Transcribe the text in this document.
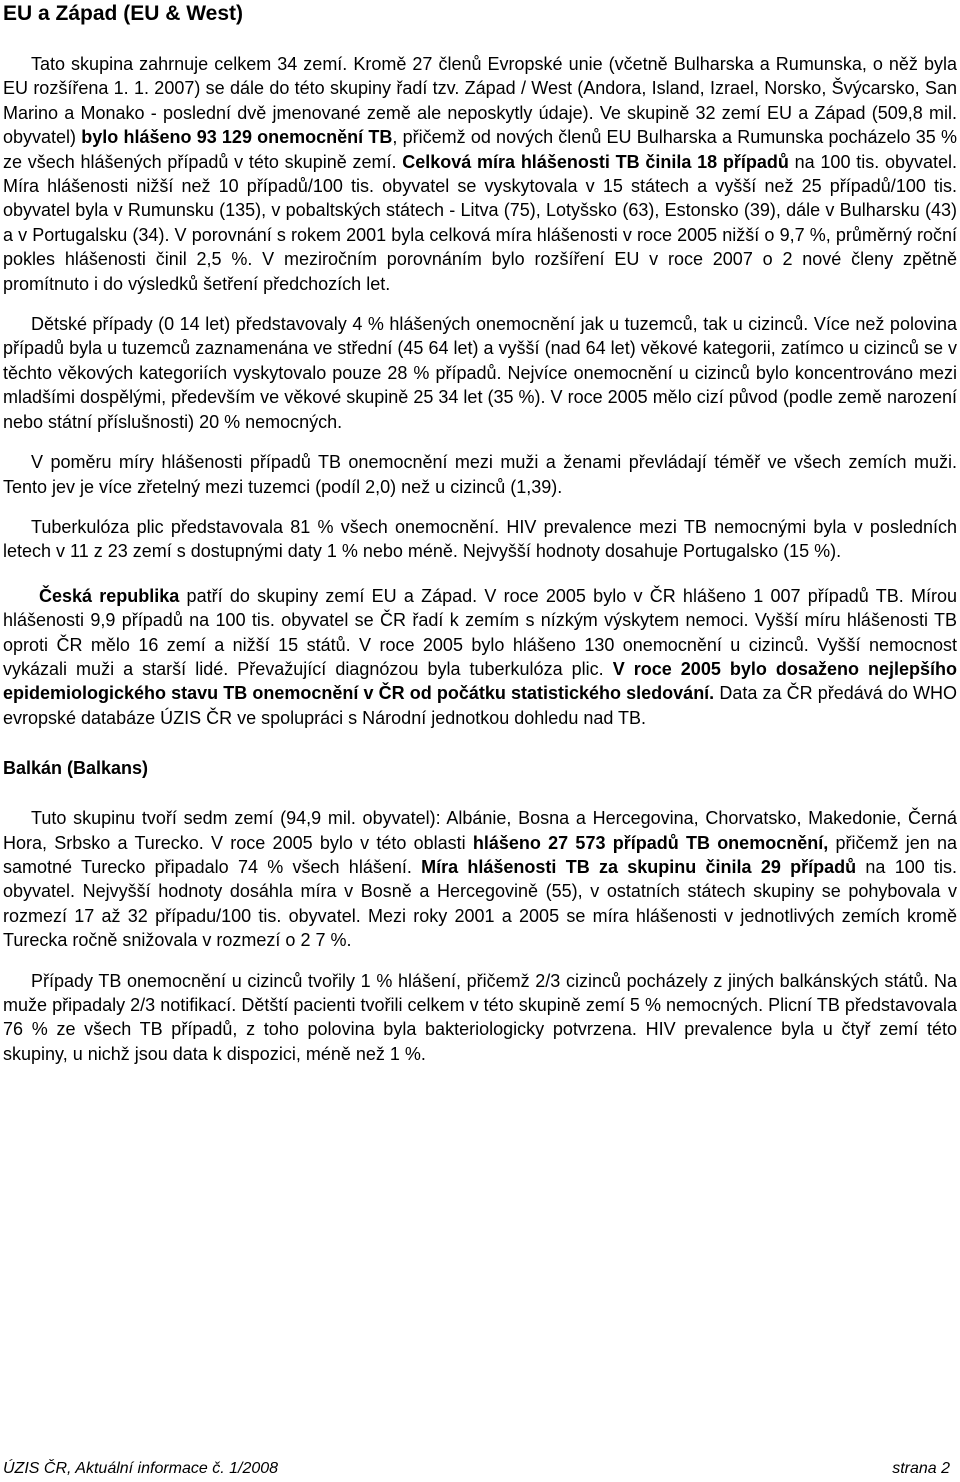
EU a Západ (EU & West)

Tato skupina zahrnuje celkem 34 zemí. Kromě 27 členů Evropské unie (včetně Bulharska a Rumunska, o něž byla EU rozšířena 1. 1. 2007) se dále do této skupiny řadí tzv. Západ / West (Andora, Island, Izrael, Norsko, Švýcarsko, San Marino a Monako - poslední dvě jmenované země ale neposkytly údaje). Ve skupině 32 zemí EU a Západ (509,8 mil. obyvatel) bylo hlášeno 93 129 onemocnění TB, přičemž od nových členů EU Bulharska a Rumunska pocházelo 35 % ze všech hlášených případů v této skupině zemí. Celková míra hlášenosti TB činila 18 případů na 100 tis. obyvatel. Míra hlášenosti nižší než 10 případů/100 tis. obyvatel se vyskytovala v 15 státech a vyšší než 25 případů/100 tis. obyvatel byla v Rumunsku (135), v pobaltských státech - Litva (75), Lotyšsko (63), Estonsko (39), dále v Bulharsku (43) a v Portugalsku (34). V porovnání s rokem 2001 byla celková míra hlášenosti v roce 2005 nižší o 9,7 %, průměrný roční pokles hlášenosti činil 2,5 %. V meziročním porovnáním bylo rozšíření EU v roce 2007 o 2 nové členy zpětně promítnuto i do výsledků šetření předchozích let.

Dětské případy (0 14 let) představovaly 4 % hlášených onemocnění jak u tuzemců, tak u cizinců. Více než polovina případů byla u tuzemců zaznamenána ve střední (45 64 let) a vyšší (nad 64 let) věkové kategorii, zatímco u cizinců se v těchto věkových kategoriích vyskytovalo pouze 28 % případů. Nejvíce onemocnění u cizinců bylo koncentrováno mezi mladšími dospělými, především ve věkové skupině 25 34 let (35 %). V roce 2005 mělo cizí původ (podle země narození nebo státní příslušnosti) 20 % nemocných.

V poměru míry hlášenosti případů TB onemocnění mezi muži a ženami převládají téměř ve všech zemích muži. Tento jev je více zřetelný mezi tuzemci (podíl 2,0) než u cizinců (1,39).

Tuberkulóza plic představovala 81 % všech onemocnění. HIV prevalence mezi TB nemocnými byla v posledních letech v 11 z 23 zemí s dostupnými daty 1 % nebo méně. Nejvyšší hodnoty dosahuje Portugalsko (15 %).

Česká republika patří do skupiny zemí EU a Západ. V roce 2005 bylo v ČR hlášeno 1 007 případů TB. Mírou hlášenosti 9,9 případů na 100 tis. obyvatel se ČR řadí k zemím s nízkým výskytem nemoci. Vyšší míru hlášenosti TB oproti ČR mělo 16 zemí a nižší 15 států. V roce 2005 bylo hlášeno 130 onemocnění u cizinců. Vyšší nemocnost vykázali muži a starší lidé. Převažující diagnózou byla tuberkulóza plic. V roce 2005 bylo dosaženo nejlepšího epidemiologického stavu TB onemocnění v ČR od počátku statistického sledování. Data za ČR předává do WHO evropské databáze ÚZIS ČR ve spolupráci s Národní jednotkou dohledu nad TB.

Balkán (Balkans)

Tuto skupinu tvoří sedm zemí (94,9 mil. obyvatel): Albánie, Bosna a Hercegovina, Chorvatsko, Makedonie, Černá Hora, Srbsko a Turecko. V roce 2005 bylo v této oblasti hlášeno 27 573 případů TB onemocnění, přičemž jen na samotné Turecko připadalo 74 % všech hlášení. Míra hlášenosti TB za skupinu činila 29 případů na 100 tis. obyvatel. Nejvyšší hodnoty dosáhla míra v Bosně a Hercegovině (55), v ostatních státech skupiny se pohybovala v rozmezí 17 až 32 případu/100 tis. obyvatel. Mezi roky 2001 a 2005 se míra hlášenosti v jednotlivých zemích kromě Turecka ročně snižovala v rozmezí o 2 7 %.

Případy TB onemocnění u cizinců tvořily 1 % hlášení, přičemž 2/3 cizinců pocházely z jiných balkánských států. Na muže připadaly 2/3 notifikací. Dětští pacienti tvořili celkem v této skupině zemí 5 % nemocných. Plicní TB představovala 76 % ze všech TB případů, z toho polovina byla bakteriologicky potvrzena. HIV prevalence byla u čtyř zemí této skupiny, u nichž jsou data k dispozici, méně než 1 %.

ÚZIS ČR, Aktuální informace č. 1/2008	strana 2
